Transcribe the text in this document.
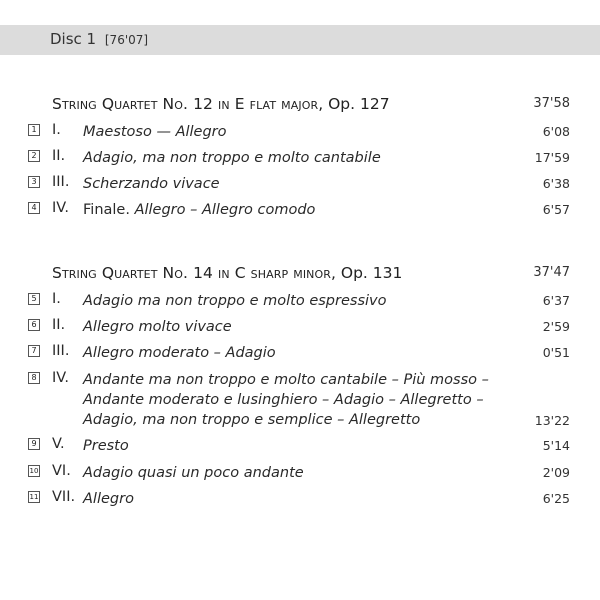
Disc 1 [76'07]
String Quartet No. 12 in E flat major, Op. 127	37'58
1 I. Maestoso — Allegro	6'08
2 II. Adagio, ma non troppo e molto cantabile	17'59
3 III. Scherzando vivace	6'38
4 IV. Finale. Allegro – Allegro comodo	6'57
String Quartet No. 14 in C sharp minor, Op. 131	37'47
5 I. Adagio ma non troppo e molto espressivo	6'37
6 II. Allegro molto vivace	2'59
7 III. Allegro moderato – Adagio	0'51
8 IV. Andante ma non troppo e molto cantabile – Più mosso –
Andante moderato e lusinghiero – Adagio – Allegretto –
Adagio, ma non troppo e semplice – Allegretto	13'22
9 V. Presto	5'14
10 VI. Adagio quasi un poco andante	2'09
11 VII. Allegro	6'25
